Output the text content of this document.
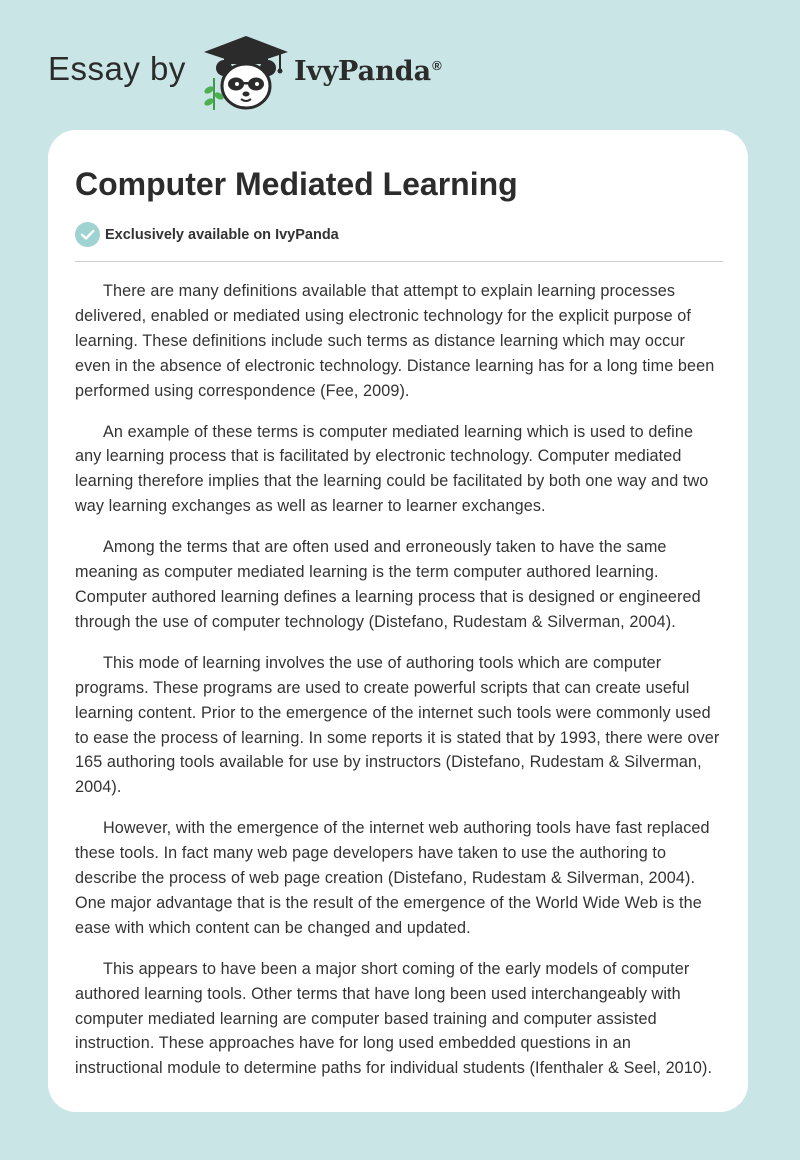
Essay by	IvyPanda®
Computer Mediated Learning
Exclusively available on IvyPanda

There are many definitions available that attempt to explain learning processes delivered, enabled or mediated using electronic technology for the explicit purpose of learning. These definitions include such terms as distance learning which may occur even in the absence of electronic technology. Distance learning has for a long time been performed using correspondence (Fee, 2009).

An example of these terms is computer mediated learning which is used to define any learning process that is facilitated by electronic technology. Computer mediated learning therefore implies that the learning could be facilitated by both one way and two way learning exchanges as well as learner to learner exchanges.

Among the terms that are often used and erroneously taken to have the same meaning as computer mediated learning is the term computer authored learning. Computer authored learning defines a learning process that is designed or engineered through the use of computer technology (Distefano, Rudestam & Silverman, 2004).

This mode of learning involves the use of authoring tools which are computer programs. These programs are used to create powerful scripts that can create useful learning content. Prior to the emergence of the internet such tools were commonly used to ease the process of learning. In some reports it is stated that by 1993, there were over 165 authoring tools available for use by instructors (Distefano, Rudestam & Silverman, 2004).

However, with the emergence of the internet web authoring tools have fast replaced these tools. In fact many web page developers have taken to use the authoring to describe the process of web page creation (Distefano, Rudestam & Silverman, 2004). One major advantage that is the result of the emergence of the World Wide Web is the ease with which content can be changed and updated.

This appears to have been a major short coming of the early models of computer authored learning tools. Other terms that have long been used interchangeably with computer mediated learning are computer based training and computer assisted instruction. These approaches have for long used embedded questions in an instructional module to determine paths for individual students (Ifenthaler & Seel, 2010).
